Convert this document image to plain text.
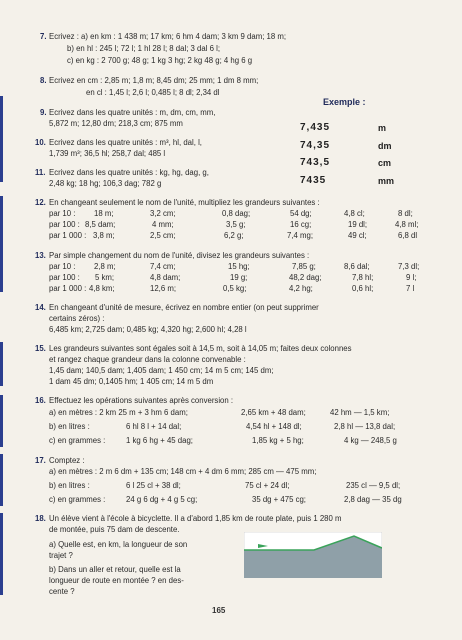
7. Ecrivez : a) en km : 1 438 m; 17 km; 6 hm 4 dam; 3 km 9 dam; 18 m;
b) en hl : 245 l; 72 l; 1 hl 28 l; 8 dal; 3 dal 6 l;
c) en kg : 2 700 g; 48 g; 1 kg 3 hg; 2 kg 48 g; 4 hg 6 g
8. Ecrivez en cm : 2,85 m; 1,8 m; 8,45 dm; 25 mm; 1 dm 8 mm;
en cl : 1,45 l; 2,6 l; 0,485 l; 8 dl; 2,34 dl
9. Ecrivez dans les quatre unités : m, dm, cm, mm,
5,872 m; 12,80 dm; 218,3 cm; 875 mm
10. Ecrivez dans les quatre unités : m³, hl, dal, l,
1,739 m³; 36,5 hl; 258,7 dal; 485 l
11. Ecrivez dans les quatre unités : kg, hg, dag, g,
2,48 kg; 18 hg; 106,3 dag; 782 g
12. En changeant seulement le nom de l'unité, multipliez les grandeurs suivantes :
par 10 : 18 m;	3,2 cm;	0,8 dag;	54 dg;	4,8 cl;	8 dl;
par 100 : 8,5 dam;	4 mm;	3,5 g;	16 cg;	19 dl;	4,8 ml;
par 1 000 : 3,8 m;	2,5 cm;	6,2 g;	7,4 mg;	49 cl;	6,8 dl
13. Par simple changement du nom de l'unité, divisez les grandeurs suivantes :
par 10 : 2,8 m;	7,4 cm;	15 hg;	7,85 g;	8,6 dal;	7,3 dl;
par 100 : 5 km;	4,8 dam;	19 g;	48,2 dag;	7,8 hl;	9 l;
par 1 000 : 4,8 km;	12,6 m;	0,5 kg;	4,2 hg;	0,6 hl;	7 l
14. En changeant d'unité de mesure, écrivez en nombre entier (on peut supprimer
certains zéros) :
6,485 km; 2,725 dam; 0,485 kg; 4,320 hg; 2,600 hl; 4,28 l
15. Les grandeurs suivantes sont égales soit à 14,5 m, soit à 14,05 m; faites deux colonnes
et rangez chaque grandeur dans la colonne convenable :
1,45 dam; 140,5 dam; 1,405 dam; 1 450 cm; 14 m 5 cm; 145 dm;
1 dam 45 dm; 0,1405 hm; 1 405 cm; 14 m 5 dm
16. Effectuez les opérations suivantes après conversion :
a) en mètres : 2 km 25 m + 3 hm 6 dam;	2,65 km + 48 dam;	42 hm — 1,5 km;
b) en litres :	6 hl 8 l + 14 dal;	4,54 hl + 148 dl;	2,8 hl — 13,8 dal;
c) en grammes :	1 kg 6 hg + 45 dag;	1,85 kg + 5 hg;	4 kg — 248,5 g
17. Comptez :
a) en mètres : 2 m 6 dm + 135 cm; 148 cm + 4 dm 6 mm; 285 cm — 475 mm;
b) en litres :	6 l 25 cl + 38 dl;	75 cl + 24 dl;	235 cl — 9,5 dl;
c) en grammes :	24 g 6 dg + 4 g 5 cg;	35 dg + 475 cg;	2,8 dag — 35 dg
18. Un élève vient à l'école à bicyclette. Il a d'abord 1,85 km de route plate, puis 1 280 m
de montée, puis 75 dam de descente.
a) Quelle est, en km, la longueur de son
trajet ?
b) Dans un aller et retour, quelle est la
longueur de route en montée ? en des-
cente ?
Exemple :
7,435	m
74,35	dm
743,5	cm
7435	mm
165
